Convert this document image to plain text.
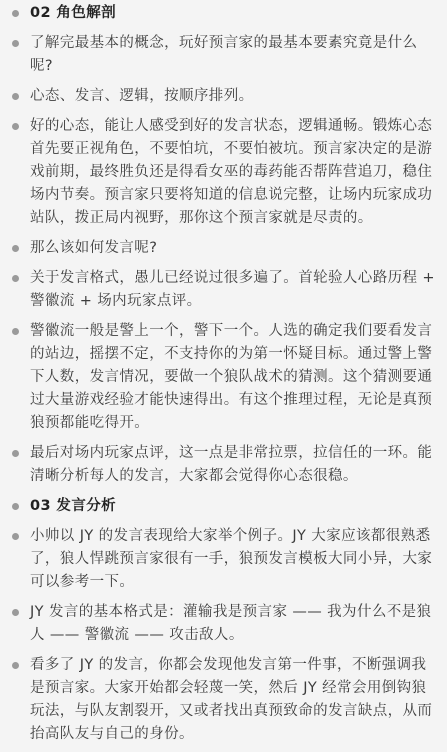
02 角色解剖
了解完最基本的概念，玩好预言家的最基本要素究竟是什么呢?
心态、发言、逻辑，按顺序排列。
好的心态，能让人感受到好的发言状态，逻辑通畅。锻炼心态首先要正视角色，不要怕坑，不要怕被坑。预言家决定的是游戏前期，最终胜负还是得看女巫的毒药能否帮阵营追刀，稳住场内节奏。预言家只要将知道的信息说完整，让场内玩家成功站队，拨正局内视野，那你这个预言家就是尽责的。
那么该如何发言呢?
关于发言格式，愚儿已经说过很多遍了。首轮验人心路历程 + 警徽流 + 场内玩家点评。
警徽流一般是警上一个，警下一个。人选的确定我们要看发言的站边，摇摆不定，不支持你的为第一怀疑目标。通过警上警下人数，发言情况，要做一个狼队战术的猜测。这个猜测要通过大量游戏经验才能快速得出。有这个推理过程，无论是真预狼预都能吃得开。
最后对场内玩家点评，这一点是非常拉票，拉信任的一环。能清晰分析每人的发言，大家都会觉得你心态很稳。
03 发言分析
小帅以 JY 的发言表现给大家举个例子。JY 大家应该都很熟悉了，狼人悍跳预言家很有一手，狼预发言模板大同小异，大家可以参考一下。
JY 发言的基本格式是：灌输我是预言家 —— 我为什么不是狼人 —— 警徽流 —— 攻击敌人。
看多了 JY 的发言，你都会发现他发言第一件事，不断强调我是预言家。大家开始都会轻蔑一笑，然后 JY 经常会用倒钩狼玩法，与队友割裂开，又或者找出真预致命的发言缺点，从而抬高队友与自己的身份。
